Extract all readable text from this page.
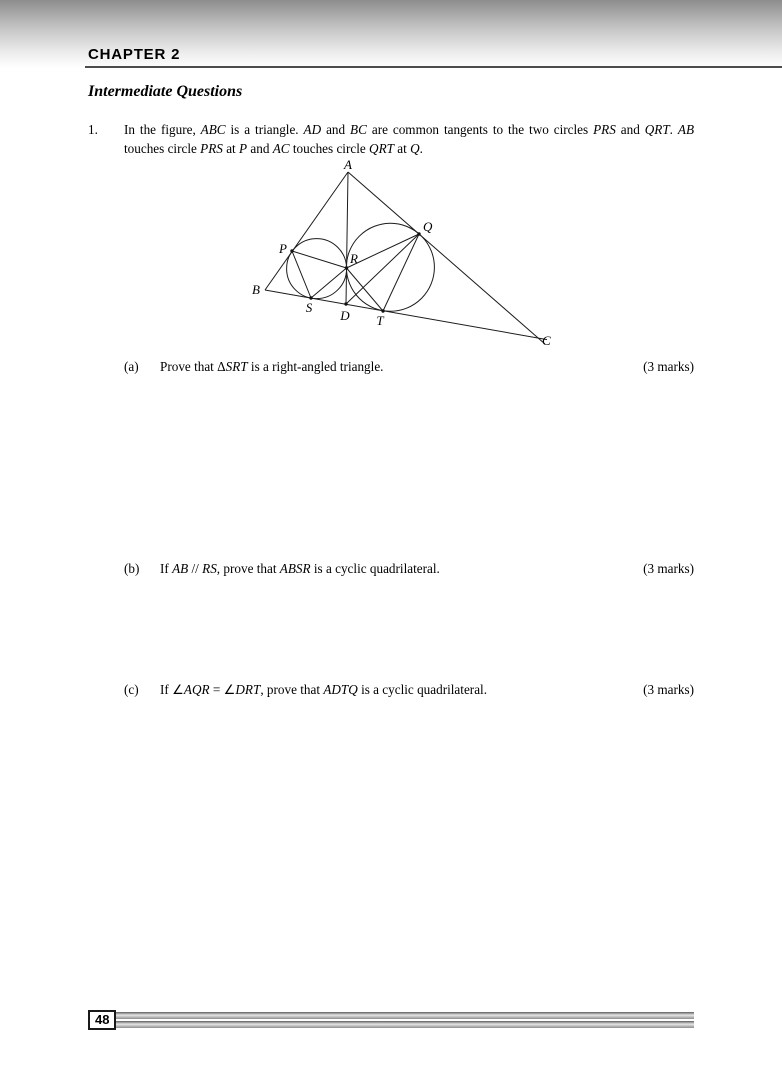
CHAPTER 2
Intermediate Questions
1.	In the figure, ABC is a triangle. AD and BC are common tangents to the two circles PRS and QRT. AB touches circle PRS at P and AC touches circle QRT at Q.
A
B
C
P
Q
R
S
D T
(a)	Prove that ΔSRT is a right-angled triangle.	(3 marks)
(b)	If AB // RS, prove that ABSR is a cyclic quadrilateral.	(3 marks)
(c)	If ∠AQR = ∠DRT, prove that ADTQ is a cyclic quadrilateral.	(3 marks)
48
